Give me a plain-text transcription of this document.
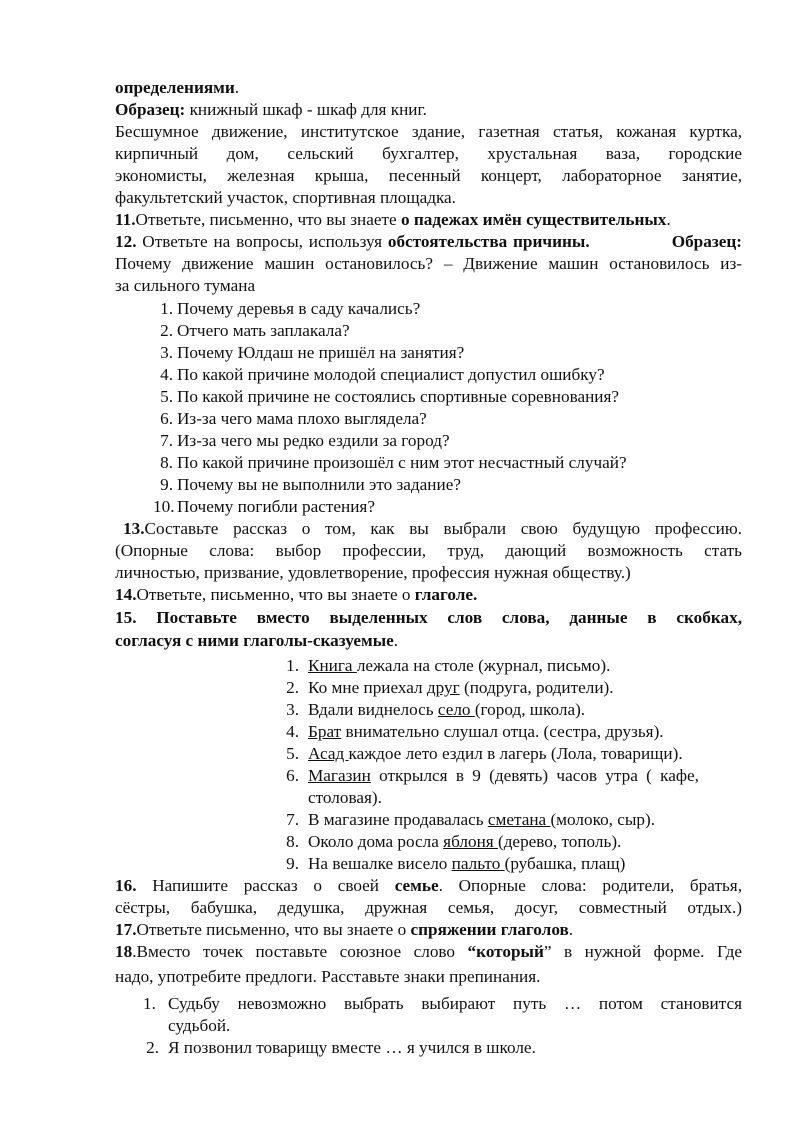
определениями.
Образец: книжный шкаф - шкаф для книг.
Бесшумное движение, институтское здание, газетная статья, кожаная куртка,
кирпичный дом, сельский бухгалтер, хрустальная ваза, городские
экономисты, железная крыша, песенный концерт, лабораторное занятие,
факультетский участок, спортивная площадка.
11.Ответьте, письменно, что вы знаете о падежах имён существительных.
12. Ответьте на вопросы, используя обстоятельства причины.	Образец:
Почему движение машин остановилось? – Движение машин остановилось из-
за сильного тумана
1. Почему деревья в саду качались?
2. Отчего мать заплакала?
3. Почему Юлдаш не пришёл на занятия?
4. По какой причине молодой специалист допустил ошибку?
5. По какой причине не состоялись спортивные соревнования?
6. Из-за чего мама плохо выглядела?
7. Из-за чего мы редко ездили за город?
8. По какой причине произошёл с ним этот несчастный случай?
9. Почему вы не выполнили это задание?
10. Почему погибли растения?
13.Составьте рассказ о том, как вы выбрали свою будущую профессию.
(Опорные слова: выбор профессии, труд, дающий возможность стать
личностью, призвание, удовлетворение, профессия нужная обществу.)
14.Ответьте, письменно, что вы знаете о глаголе.
15. Поставьте вместо выделенных слов слова, данные в скобках,
согласуя с ними глаголы-сказуемые.
1. Книга лежала на столе (журнал, письмо).
2. Ко мне приехал друг (подруга, родители).
3. Вдали виднелось село (город, школа).
4. Брат внимательно слушал отца. (сестра, друзья).
5. Асад каждое лето ездил в лагерь (Лола, товарищи).
6. Магазин открылся в 9 (девять) часов утра ( кафе,
столовая).
7. В магазине продавалась сметана (молоко, сыр).
8. Около дома росла яблоня (дерево, тополь).
9. На вешалке висело пальто (рубашка, плащ)
16. Напишите рассказ о своей семье. Опорные слова: родители, братья,
сёстры, бабушка, дедушка, дружная семья, досуг, совместный отдых.)
17.Ответьте письменно, что вы знаете о спряжении глаголов.
18.Вместо точек поставьте союзное слово “который” в нужной форме. Где
надо, употребите предлоги. Расставьте знаки препинания.
1. Судьбу невозможно выбрать выбирают путь … потом становится
судьбой.
2. Я позвонил товарищу вместе … я учился в школе.
